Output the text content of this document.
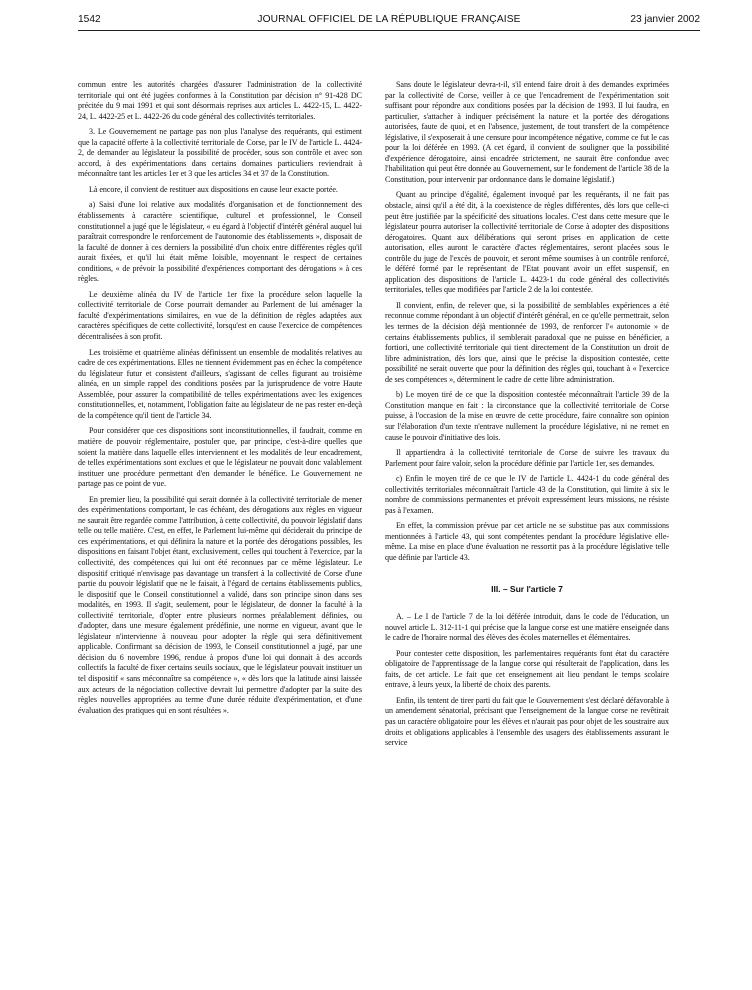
1542	JOURNAL OFFICIEL DE LA RÉPUBLIQUE FRANÇAISE	23 janvier 2002

commun entre les autorités chargées d'assurer l'administration de la collectivité territoriale qui ont été jugées conformes à la Constitution par décision n° 91-428 DC précitée du 9 mai 1991 et qui sont désormais reprises aux articles L. 4422-15, L. 4422-24, L. 4422-25 et L. 4422-26 du code général des collectivités territoriales.

3. Le Gouvernement ne partage pas non plus l'analyse des requérants, qui estiment que la capacité offerte à la collectivité territoriale de Corse, par le IV de l'article L. 4424-2, de demander au législateur la possibilité de procéder, sous son contrôle et avec son accord, à des expérimentations dans certains domaines particuliers reviendrait à méconnaître tant les articles 1er et 3 que les articles 34 et 37 de la Constitution.

Là encore, il convient de restituer aux dispositions en cause leur exacte portée.

a) Saisi d'une loi relative aux modalités d'organisation et de fonctionnement des établissements à caractère scientifique, culturel et professionnel, le Conseil constitutionnel a jugé que le législateur, « eu égard à l'objectif d'intérêt général auquel lui paraîtrait correspondre le renforcement de l'autonomie des établissements », disposait de la faculté de donner à ces derniers la possibilité d'un choix entre différentes règles qu'il aurait fixées, et qu'il lui était même loisible, moyennant le respect de certaines conditions, « de prévoir la possibilité d'expériences comportant des dérogations » à ces règles.

Le deuxième alinéa du IV de l'article 1er fixe la procédure selon laquelle la collectivité territoriale de Corse pourrait demander au Parlement de lui aménager la faculté d'expérimentations similaires, en vue de la définition de règles adaptées aux caractères spécifiques de cette collectivité, lorsqu'est en cause l'exercice de compétences décentralisées à son profit.

Les troisième et quatrième alinéas définissent un ensemble de modalités relatives au cadre de ces expérimentations. Elles ne tiennent évidemment pas en échec la compétence du législateur futur et consistent d'ailleurs, s'agissant de celles figurant au troisième alinéa, en un simple rappel des conditions posées par la jurisprudence de votre Haute Assemblée, pour assurer la compatibilité de telles expérimentations avec les exigences constitutionnelles, et, notamment, l'obligation faite au législateur de ne pas rester en-deçà de la compétence qu'il tient de l'article 34.

Pour considérer que ces dispositions sont inconstitutionnelles, il faudrait, comme en matière de pouvoir réglementaire, postuler que, par principe, c'est-à-dire quelles que soient la matière dans laquelle elles interviennent et les modalités de leur encadrement, de telles expérimentations sont exclues et que le législateur ne pouvait donc valablement instituer une procédure permettant d'en demander le bénéfice. Le Gouvernement ne partage pas ce point de vue.

En premier lieu, la possibilité qui serait donnée à la collectivité territoriale de mener des expérimentations comportant, le cas échéant, des dérogations aux règles en vigueur ne saurait être regardée comme l'attribution, à cette collectivité, du pouvoir législatif dans telle ou telle matière. C'est, en effet, le Parlement lui-même qui déciderait du principe de ces expérimentations, et qui définira la nature et la portée des dérogations possibles, les dispositions en faisant l'objet étant, exclusivement, celles qui touchent à l'exercice, par la collectivité, des compétences qui lui ont été reconnues par ce même législateur. Le dispositif critiqué n'envisage pas davantage un transfert à la collectivité de Corse d'une partie du pouvoir législatif que ne le faisait, à l'égard de certains établissements publics, le dispositif que le Conseil constitutionnel a validé, dans son principe sinon dans ses modalités, en 1993. Il s'agit, seulement, pour le législateur, de donner la faculté à la collectivité territoriale, d'opter entre plusieurs normes préalablement définies, ou d'adopter, dans une mesure également prédéfinie, une norme en vigueur, avant que le législateur n'intervienne à nouveau pour adopter la règle qui sera définitivement applicable. Confirmant sa décision de 1993, le Conseil constitutionnel a jugé, par une décision du 6 novembre 1996, rendue à propos d'une loi qui donnait à des accords collectifs la faculté de fixer certains seuils sociaux, que le législateur pouvait instituer un tel dispositif « sans méconnaître sa compétence », « dès lors que la latitude ainsi laissée aux acteurs de la négociation collective devrait lui permettre d'adopter par la suite des règles nouvelles appropriées au terme d'une durée réduite d'expérimentation, et d'une évaluation des pratiques qui en sont résultées ».

Sans doute le législateur devra-t-il, s'il entend faire droit à des demandes exprimées par la collectivité de Corse, veiller à ce que l'encadrement de l'expérimentation soit suffisant pour répondre aux conditions posées par la décision de 1993. Il lui faudra, en particulier, s'attacher à indiquer précisément la nature et la portée des dérogations autorisées, faute de quoi, et en l'absence, justement, de tout transfert de la compétence législative, il s'exposerait à une censure pour incompétence négative, comme ce fut le cas pour la loi déférée en 1993. (A cet égard, il convient de souligner que la possibilité d'expérience dérogatoire, ainsi encadrée strictement, ne saurait être confondue avec l'habilitation qui peut être donnée au Gouvernement, sur le fondement de l'article 38 de la Constitution, pour intervenir par ordonnance dans le domaine législatif.)

Quant au principe d'égalité, également invoqué par les requérants, il ne fait pas obstacle, ainsi qu'il a été dit, à la coexistence de règles différentes, dès lors que celle-ci peut être justifiée par la spécificité des situations locales. C'est dans cette mesure que le législateur pourra autoriser la collectivité territoriale de Corse à adopter des dispositions dérogatoires. Quant aux délibérations qui seront prises en application de cette autorisation, elles auront le caractère d'actes réglementaires, seront placées sous le contrôle du juge de l'excès de pouvoir, et seront même soumises à un contrôle renforcé, le déféré formé par le représentant de l'Etat pouvant avoir un effet suspensif, en application des dispositions de l'article L. 4423-1 du code général des collectivités territoriales, telles que modifiées par l'article 2 de la loi contestée.

Il convient, enfin, de relever que, si la possibilité de semblables expériences a été reconnue comme répondant à un objectif d'intérêt général, en ce qu'elle permettrait, selon les termes de la décision déjà mentionnée de 1993, de renforcer l'« autonomie » de certains établissements publics, il semblerait paradoxal que ne puisse en bénéficier, a fortiori, une collectivité territoriale qui tient directement de la Constitution un droit de libre administration, dès lors que, ainsi que le précise la disposition contestée, cette possibilité ne serait ouverte que pour la définition des règles qui, touchant à « l'exercice de ses compétences », déterminent le cadre de cette libre administration.

b) Le moyen tiré de ce que la disposition contestée méconnaîtrait l'article 39 de la Constitution manque en fait : la circonstance que la collectivité territoriale de Corse puisse, à l'occasion de la mise en œuvre de cette procédure, faire connaître son opinion sur l'élaboration d'un texte n'entrave nullement la procédure législative, ni ne remet en cause le pouvoir d'initiative des lois.

Il appartiendra à la collectivité territoriale de Corse de suivre les travaux du Parlement pour faire valoir, selon la procédure définie par l'article 1er, ses demandes.

c) Enfin le moyen tiré de ce que le IV de l'article L. 4424-1 du code général des collectivités territoriales méconnaîtrait l'article 43 de la Constitution, qui limite à six le nombre de commissions permanentes et prévoit expressément leurs missions, ne résiste pas à l'examen.

En effet, la commission prévue par cet article ne se substitue pas aux commissions mentionnées à l'article 43, qui sont compétentes pendant la procédure législative elle-même. La mise en place d'une évaluation ne ressortit pas à la procédure législative telle que définie par l'article 43.

III. – Sur l'article 7

A. – Le I de l'article 7 de la loi déférée introduit, dans le code de l'éducation, un nouvel article L. 312-11-1 qui précise que la langue corse est une matière enseignée dans le cadre de l'horaire normal des élèves des écoles maternelles et élémentaires.

Pour contester cette disposition, les parlementaires requérants font état du caractère obligatoire de l'apprentissage de la langue corse qui résulterait de l'application, dans les faits, de cet article. Le fait que cet enseignement ait lieu pendant le temps scolaire entrave, à leurs yeux, la liberté de choix des parents.

Enfin, ils tentent de tirer parti du fait que le Gouvernement s'est déclaré défavorable à un amendement sénatorial, précisant que l'enseignement de la langue corse ne revêtirait pas un caractère obligatoire pour les élèves et n'aurait pas pour objet de les soustraire aux droits et obligations applicables à l'ensemble des usagers des établissements assurant le service
